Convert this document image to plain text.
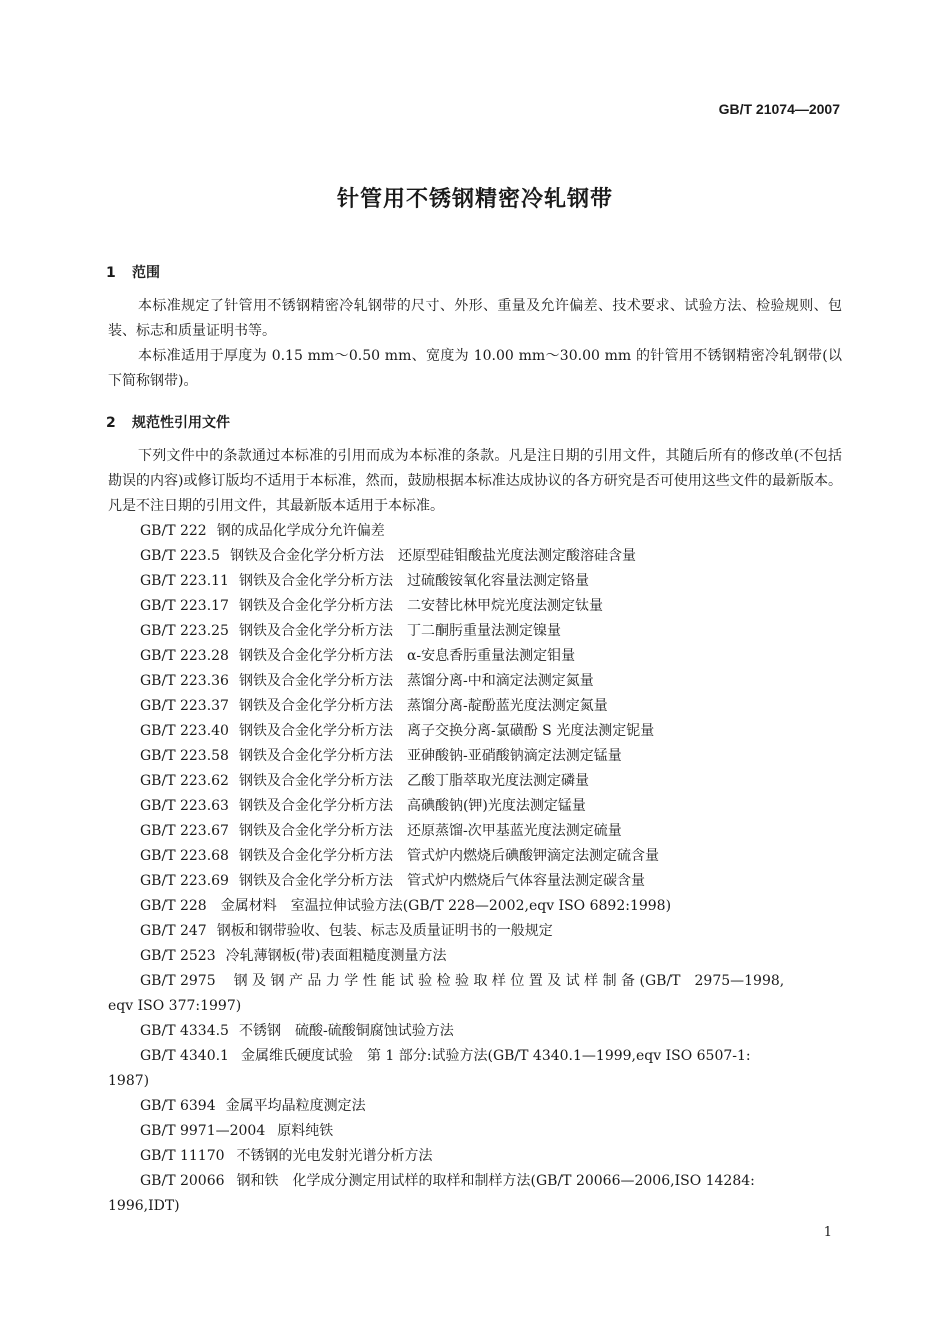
GB/T 21074—2007
针管用不锈钢精密冷轧钢带
1 范围
本标准规定了针管用不锈钢精密冷轧钢带的尺寸、外形、重量及允许偏差、技术要求、试验方法、检验规则、包装、标志和质量证明书等。
本标准适用于厚度为 0.15 mm～0.50 mm、宽度为 10.00 mm～30.00 mm 的针管用不锈钢精密冷轧钢带(以下简称钢带)。
2 规范性引用文件
下列文件中的条款通过本标准的引用而成为本标准的条款。凡是注日期的引用文件，其随后所有的修改单(不包括勘误的内容)或修订版均不适用于本标准，然而，鼓励根据本标准达成协议的各方研究是否可使用这些文件的最新版本。凡是不注日期的引用文件，其最新版本适用于本标准。
GB/T 222 钢的成品化学成分允许偏差
GB/T 223.5 钢铁及合金化学分析方法　还原型硅钼酸盐光度法测定酸溶硅含量
GB/T 223.11 钢铁及合金化学分析方法　过硫酸铵氧化容量法测定铬量
GB/T 223.17 钢铁及合金化学分析方法　二安替比林甲烷光度法测定钛量
GB/T 223.25 钢铁及合金化学分析方法　丁二酮肟重量法测定镍量
GB/T 223.28 钢铁及合金化学分析方法　α-安息香肟重量法测定钼量
GB/T 223.36 钢铁及合金化学分析方法　蒸馏分离-中和滴定法测定氮量
GB/T 223.37 钢铁及合金化学分析方法　蒸馏分离-靛酚蓝光度法测定氮量
GB/T 223.40 钢铁及合金化学分析方法　离子交换分离-氯磺酚 S 光度法测定铌量
GB/T 223.58 钢铁及合金化学分析方法　亚砷酸钠-亚硝酸钠滴定法测定锰量
GB/T 223.62 钢铁及合金化学分析方法　乙酸丁脂萃取光度法测定磷量
GB/T 223.63 钢铁及合金化学分析方法　高碘酸钠(钾)光度法测定锰量
GB/T 223.67 钢铁及合金化学分析方法　还原蒸馏-次甲基蓝光度法测定硫量
GB/T 223.68 钢铁及合金化学分析方法　管式炉内燃烧后碘酸钾滴定法测定硫含量
GB/T 223.69 钢铁及合金化学分析方法　管式炉内燃烧后气体容量法测定碳含量
GB/T 228 金属材料　室温拉伸试验方法(GB/T 228—2002,eqv ISO 6892:1998)
GB/T 247 钢板和钢带验收、包装、标志及质量证明书的一般规定
GB/T 2523 冷轧薄钢板(带)表面粗糙度测量方法
GB/T 2975 钢 及 钢 产 品 力 学 性 能 试 验 检 验 取 样 位 置 及 试 样 制 备 (GB/T　2975—1998,
eqv ISO 377:1997)
GB/T 4334.5 不锈钢　硫酸-硫酸铜腐蚀试验方法
GB/T 4340.1 金属维氏硬度试验　第 1 部分:试验方法(GB/T 4340.1—1999,eqv ISO 6507-1:
1987)
GB/T 6394 金属平均晶粒度测定法
GB/T 9971—2004 原料纯铁
GB/T 11170 不锈钢的光电发射光谱分析方法
GB/T 20066 钢和铁　化学成分测定用试样的取样和制样方法(GB/T 20066—2006,ISO 14284:
1996,IDT)
1
